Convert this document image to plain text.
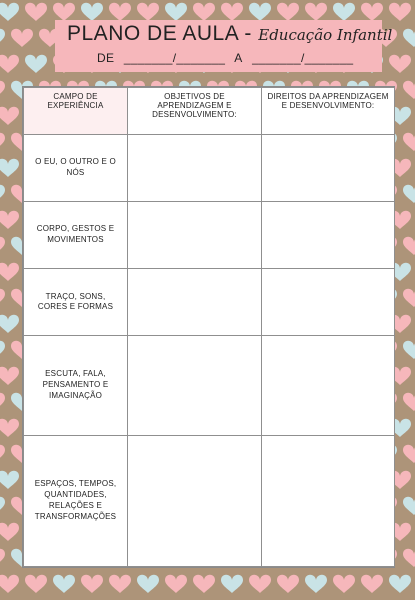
PLANO DE AULA - Educação Infantil
DE _______/_______ A _______/_______
CAMPO DE EXPERIÊNCIA	OBJETIVOS DE APRENDIZAGEM E DESENVOLVIMENTO:	DIREITOS DA APRENDIZAGEM E DESENVOLVIMENTO:
O EU, O OUTRO E O NÓS		
CORPO, GESTOS E MOVIMENTOS		
TRAÇO, SONS, CORES E FORMAS		
ESCUTA, FALA, PENSAMENTO E IMAGINAÇÃO		
ESPAÇOS, TEMPOS, QUANTIDADES, RELAÇÕES E TRANSFORMAÇÕES		
